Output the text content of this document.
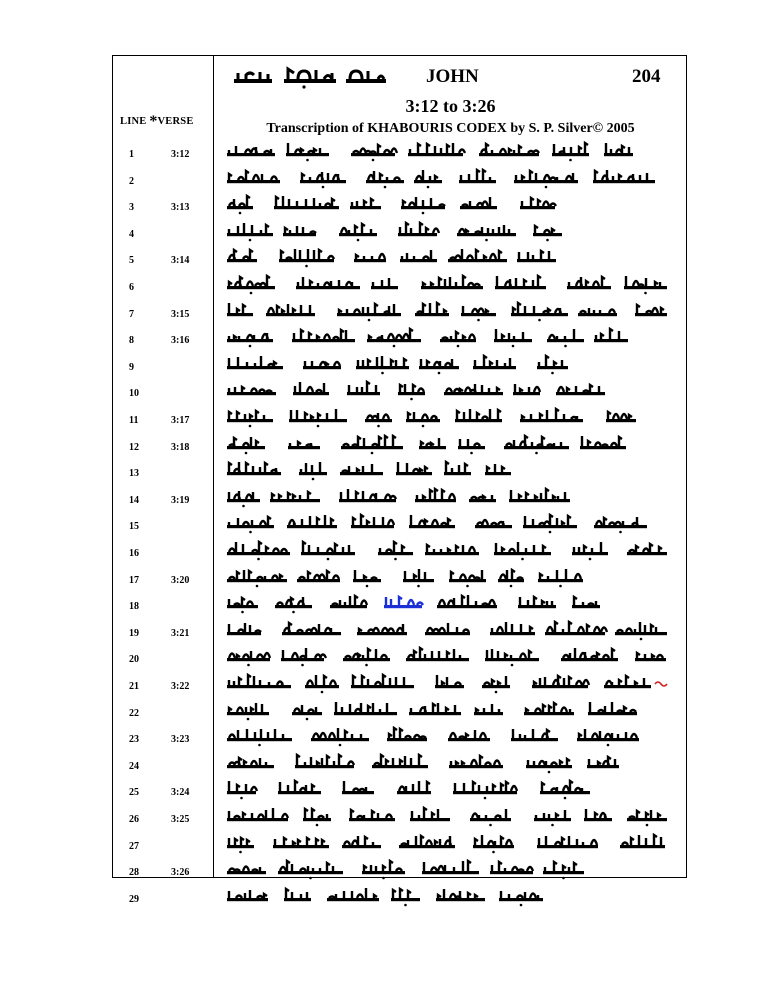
JOHN	204
3:12 to 3:26
Transcription of KHABOURIS CODEX by S. P. Silver© 2005
LINE *VERSE
1	3:12
2
3	3:13
4
5	3:14
6
7	3:15
8	3:16
9
10
11	3:17
12	3:18
13
14	3:19
15
16
17	3:20
18
19	3:21
20
21	3:22
22
23	3:23
24
25	3:24
26	3:25
27
28	3:26
29
